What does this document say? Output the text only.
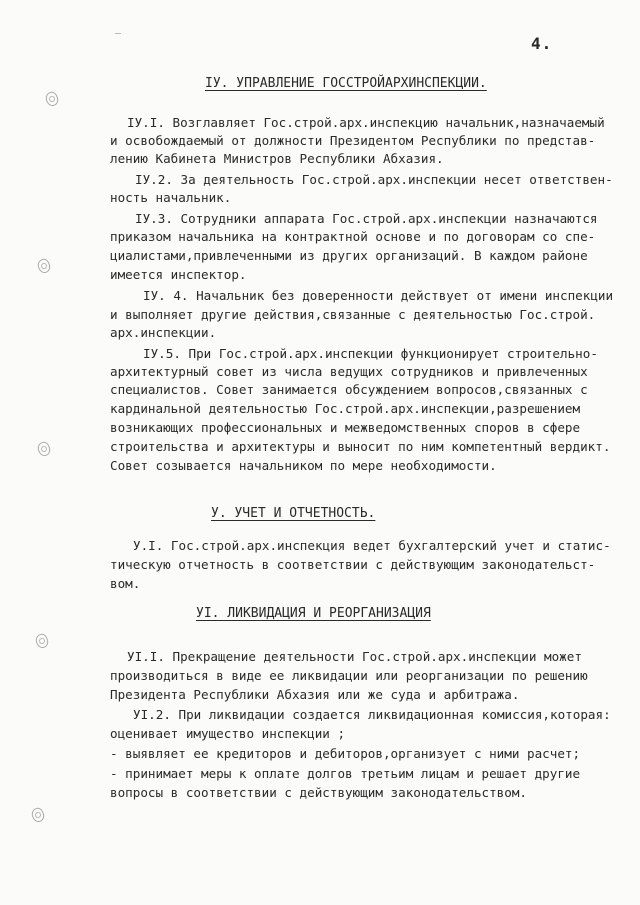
4.
IУ. УПРАВЛЕНИЕ ГОССТРОЙАРХИНСПЕКЦИИ.
IУ.I. Возглавляет Гос.строй.арх.инспекцию начальник,назначаемый
и освобождаемый от должности Президентом Республики по представ-
лению Кабинета Министров Республики Абхазия.
IУ.2. За деятельность Гос.строй.арх.инспекции несет ответствен-
ность начальник.
IУ.3. Сотрудники аппарата Гос.строй.арх.инспекции назначаются
приказом начальника на контрактной основе и по договорам со спе-
циалистами,привлеченными из других организаций. В каждом районе
имеется инспектор.
IУ. 4. Начальник без доверенности действует от имени инспекции
и выполняет другие действия,связанные с деятельностью Гос.строй.
арх.инспекции.
IУ.5. При Гос.строй.арх.инспекции функционирует строительно-
архитектурный совет из числа ведущих сотрудников и привлеченных
специалистов. Совет занимается обсуждением вопросов,связанных с
кардинальной деятельностью Гос.строй.арх.инспекции,разрешением
возникающих профессиональных и межведомственных споров в сфере
строительства и архитектуры и выносит по ним компетентный вердикт.
Совет созывается начальником по мере необходимости.
У. УЧЕТ И ОТЧЕТНОСТЬ.
У.I. Гос.строй.арх.инспекция ведет бухгалтерский учет и статис-
тическую отчетность в соответствии с действующим законодательст-
вом.
УI. ЛИКВИДАЦИЯ И РЕОРГАНИЗАЦИЯ
УI.I. Прекращение деятельности Гос.строй.арх.инспекции может
производиться в виде ее ликвидации или реорганизации по решению
Президента Республики Абхазия или же суда и арбитража.
УI.2. При ликвидации создается ликвидационная комиссия,которая:
оценивает имущество инспекции ;
- выявляет ее кредиторов и дебиторов,организует с ними расчет;
- принимает меры к оплате долгов третьим лицам и решает другие
вопросы в соответствии с действующим законодательством.
